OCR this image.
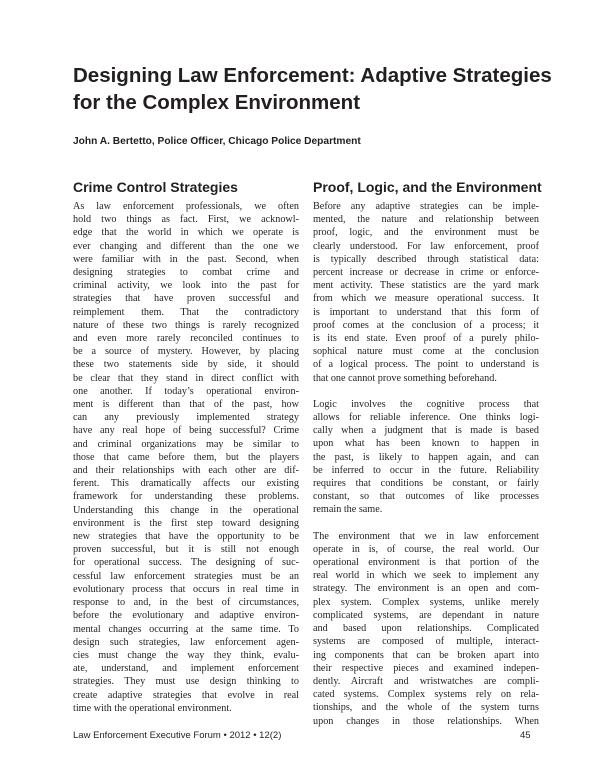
Designing Law Enforcement: Adaptive Strategies
for the Complex Environment
John A. Bertetto, Police Officer, Chicago Police Department
Crime Control Strategies

As law enforcement professionals, we often
hold two things as fact. First, we acknowl-
edge that the world in which we operate is
ever changing and different than the one we
were familiar with in the past. Second, when
designing strategies to combat crime and
criminal activity, we look into the past for
strategies that have proven successful and
reimplement them. That the contradictory
nature of these two things is rarely recognized
and even more rarely reconciled continues to
be a source of mystery. However, by placing
these two statements side by side, it should
be clear that they stand in direct conflict with
one another. If today’s operational environ-
ment is different than that of the past, how
can any previously implemented strategy
have any real hope of being successful? Crime
and criminal organizations may be similar to
those that came before them, but the players
and their relationships with each other are dif-
ferent. This dramatically affects our existing
framework for understanding these problems.
Understanding this change in the operational
environment is the first step toward designing
new strategies that have the opportunity to be
proven successful, but it is still not enough
for operational success. The designing of suc-
cessful law enforcement strategies must be an
evolutionary process that occurs in real time in
response to and, in the best of circumstances,
before the evolutionary and adaptive environ-
mental changes occurring at the same time. To
design such strategies, law enforcement agen-
cies must change the way they think, evalu-
ate, understand, and implement enforcement
strategies. They must use design thinking to
create adaptive strategies that evolve in real
time with the operational environment.

Proof, Logic, and the Environment

Before any adaptive strategies can be imple-
mented, the nature and relationship between
proof, logic, and the environment must be
clearly understood. For law enforcement, proof
is typically described through statistical data:
percent increase or decrease in crime or enforce-
ment activity. These statistics are the yard mark
from which we measure operational success. It
is important to understand that this form of
proof comes at the conclusion of a process; it
is its end state. Even proof of a purely philo-
sophical nature must come at the conclusion
of a logical process. The point to understand is
that one cannot prove something beforehand.

Logic involves the cognitive process that
allows for reliable inference. One thinks logi-
cally when a judgment that is made is based
upon what has been known to happen in
the past, is likely to happen again, and can
be inferred to occur in the future. Reliability
requires that conditions be constant, or fairly
constant, so that outcomes of like processes
remain the same.

The environment that we in law enforcement
operate in is, of course, the real world. Our
operational environment is that portion of the
real world in which we seek to implement any
strategy. The environment is an open and com-
plex system. Complex systems, unlike merely
complicated systems, are dependant in nature
and based upon relationships. Complicated
systems are composed of multiple, interact-
ing components that can be broken apart into
their respective pieces and examined indepen-
dently. Aircraft and wristwatches are compli-
cated systems. Complex systems rely on rela-
tionships, and the whole of the system turns
upon changes in those relationships. When

Law Enforcement Executive Forum • 2012 • 12(2)	45
